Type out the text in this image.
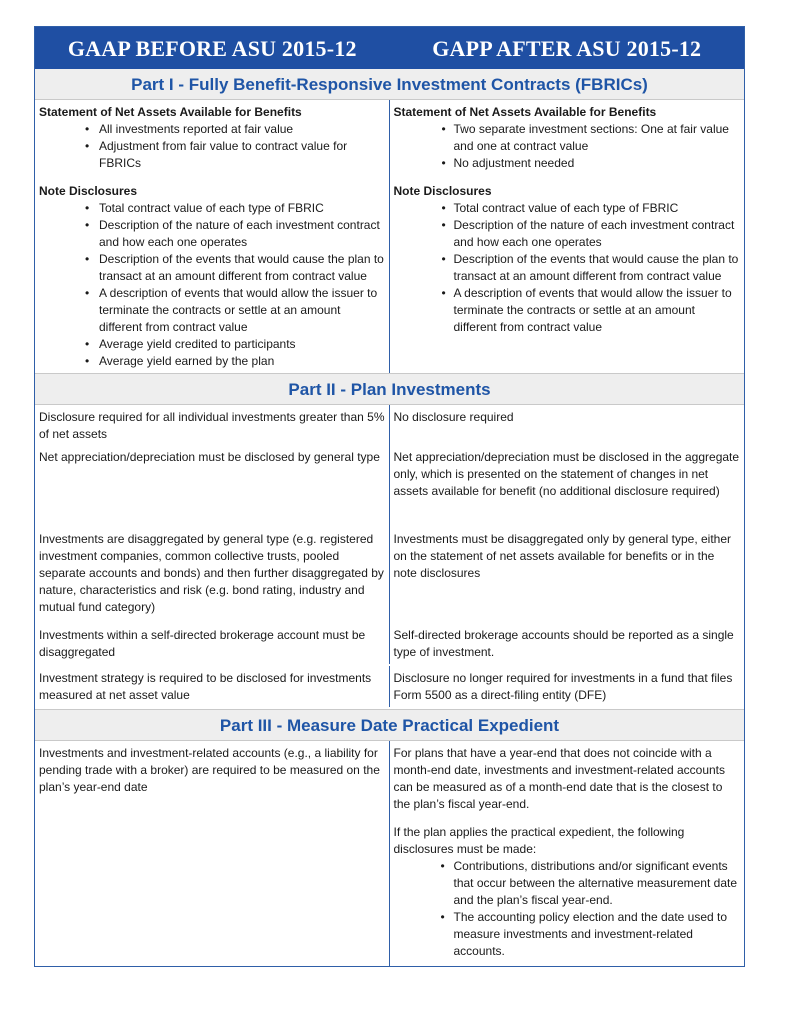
GAAP BEFORE ASU 2015-12	GAPP AFTER ASU 2015-12
Part I - Fully Benefit-Responsive Investment Contracts (FBRICs)
Statement of Net Assets Available for Benefits
• All investments reported at fair value
• Adjustment from fair value to contract value for FBRICs
Note Disclosures
• Total contract value of each type of FBRIC
• Description of the nature of each investment contract and how each one operates
• Description of the events that would cause the plan to transact at an amount different from contract value
• A description of events that would allow the issuer to terminate the contracts or settle at an amount different from contract value
• Average yield credited to participants
• Average yield earned by the plan
Statement of Net Assets Available for Benefits
• Two separate investment sections: One at fair value and one at contract value
• No adjustment needed
Note Disclosures
• Total contract value of each type of FBRIC
• Description of the nature of each investment contract and how each one operates
• Description of the events that would cause the plan to transact at an amount different from contract value
• A description of events that would allow the issuer to terminate the contracts or settle at an amount different from contract value
Part II - Plan Investments
Disclosure required for all individual investments greater than 5% of net assets
No disclosure required
Net appreciation/depreciation must be disclosed by general type	Net appreciation/depreciation must be disclosed in the aggregate only, which is presented on the statement of changes in net assets available for benefit (no additional disclosure required)
Investments are disaggregated by general type (e.g. registered investment companies, common collective trusts, pooled separate accounts and bonds) and then further disaggregated by nature, characteristics and risk (e.g. bond rating, industry and mutual fund category)
Investments must be disaggregated only by general type, either on the statement of net assets available for benefits or in the note disclosures
Investments within a self-directed brokerage account must be disaggregated
Self-directed brokerage accounts should be reported as a single type of investment.
Investment strategy is required to be disclosed for investments measured at net asset value
Disclosure no longer required for investments in a fund that files Form 5500 as a direct-filing entity (DFE)
Part III - Measure Date Practical Expedient
Investments and investment-related accounts (e.g., a liability for pending trade with a broker) are required to be measured on the plan’s year-end date

For plans that have a year-end that does not coincide with a month-end date, investments and investment-related accounts can be measured as of a month-end date that is the closest to the plan’s fiscal year-end.

If the plan applies the practical expedient, the following disclosures must be made:

• Contributions, distributions and/or significant events that occur between the alternative measurement date and the plan’s fiscal year-end.
• The accounting policy election and the date used to measure investments and investment-related accounts.
